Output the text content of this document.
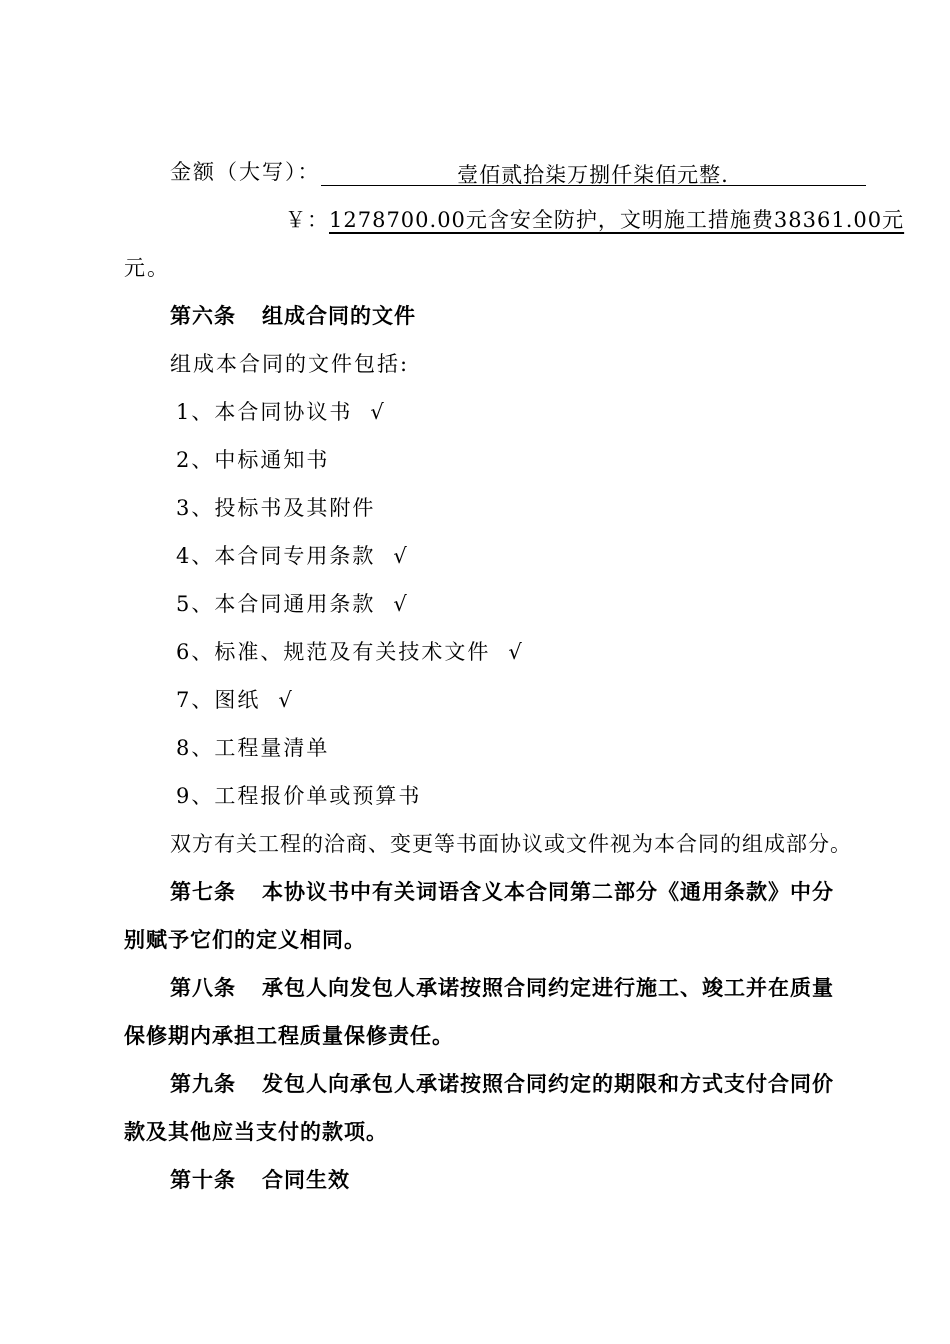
金额（大写）：	壹佰贰拾柒万捌仟柒佰元整.

￥：1278700.00元含安全防护，文明施工措施费38361.00元

元。

第六条 组成合同的文件

组成本合同的文件包括:

1、本合同协议书 √

2、中标通知书

3、投标书及其附件

4、本合同专用条款 √

5、本合同通用条款 √

6、标准、规范及有关技术文件 √

7、图纸 √

8、工程量清单

9、工程报价单或预算书

双方有关工程的洽商、变更等书面协议或文件视为本合同的组成部分。

第七条 本协议书中有关词语含义本合同第二部分《通用条款》中分

别赋予它们的定义相同。

第八条 承包人向发包人承诺按照合同约定进行施工、竣工并在质量

保修期内承担工程质量保修责任。

第九条 发包人向承包人承诺按照合同约定的期限和方式支付合同价

款及其他应当支付的款项。

第十条 合同生效
